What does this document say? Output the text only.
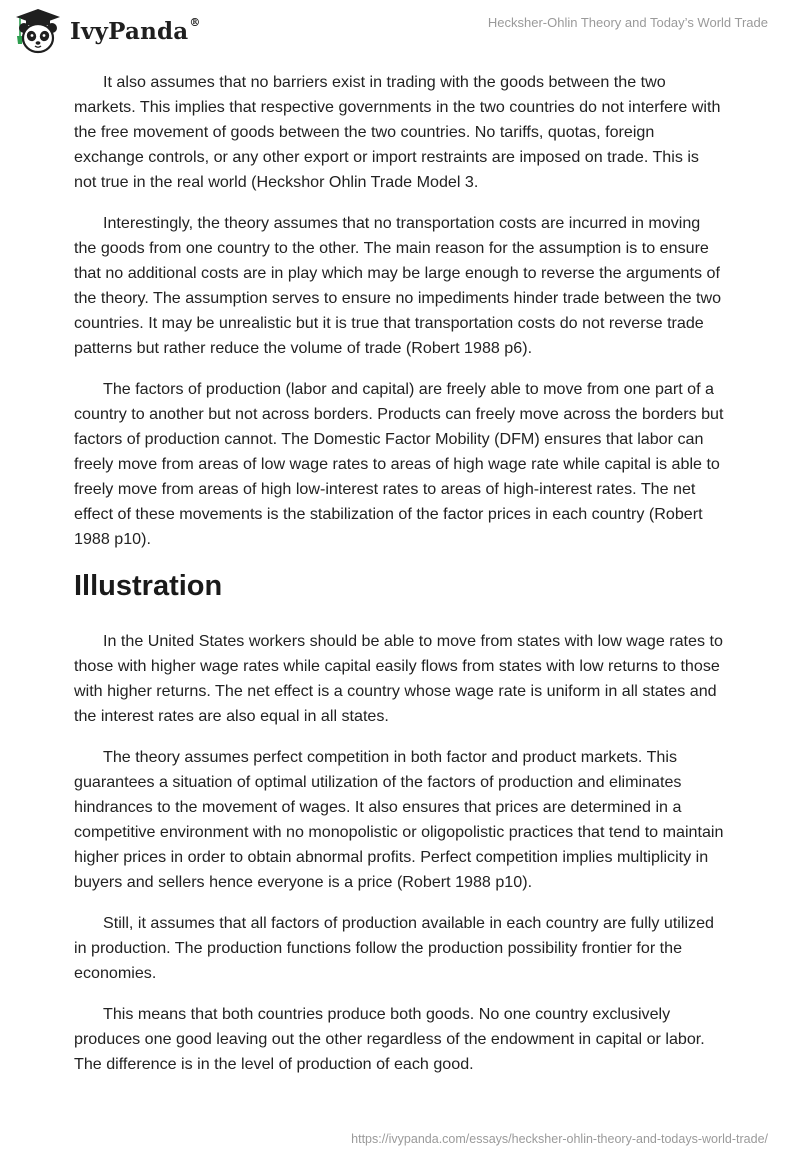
IvyPanda®	Hecksher-Ohlin Theory and Today’s World Trade

It also assumes that no barriers exist in trading with the goods between the two markets. This implies that respective governments in the two countries do not interfere with the free movement of goods between the two countries. No tariffs, quotas, foreign exchange controls, or any other export or import restraints are imposed on trade. This is not true in the real world (Heckshor Ohlin Trade Model 3.

Interestingly, the theory assumes that no transportation costs are incurred in moving the goods from one country to the other. The main reason for the assumption is to ensure that no additional costs are in play which may be large enough to reverse the arguments of the theory. The assumption serves to ensure no impediments hinder trade between the two countries. It may be unrealistic but it is true that transportation costs do not reverse trade patterns but rather reduce the volume of trade (Robert 1988 p6).

The factors of production (labor and capital) are freely able to move from one part of a country to another but not across borders. Products can freely move across the borders but factors of production cannot. The Domestic Factor Mobility (DFM) ensures that labor can freely move from areas of low wage rates to areas of high wage rate while capital is able to freely move from areas of high low-interest rates to areas of high-interest rates. The net effect of these movements is the stabilization of the factor prices in each country (Robert 1988 p10).

Illustration

In the United States workers should be able to move from states with low wage rates to those with higher wage rates while capital easily flows from states with low returns to those with higher returns. The net effect is a country whose wage rate is uniform in all states and the interest rates are also equal in all states.

The theory assumes perfect competition in both factor and product markets. This guarantees a situation of optimal utilization of the factors of production and eliminates hindrances to the movement of wages. It also ensures that prices are determined in a competitive environment with no monopolistic or oligopolistic practices that tend to maintain higher prices in order to obtain abnormal profits. Perfect competition implies multiplicity in buyers and sellers hence everyone is a price (Robert 1988 p10).

Still, it assumes that all factors of production available in each country are fully utilized in production. The production functions follow the production possibility frontier for the economies.

This means that both countries produce both goods. No one country exclusively produces one good leaving out the other regardless of the endowment in capital or labor. The difference is in the level of production of each good.

https://ivypanda.com/essays/hecksher-ohlin-theory-and-todays-world-trade/
